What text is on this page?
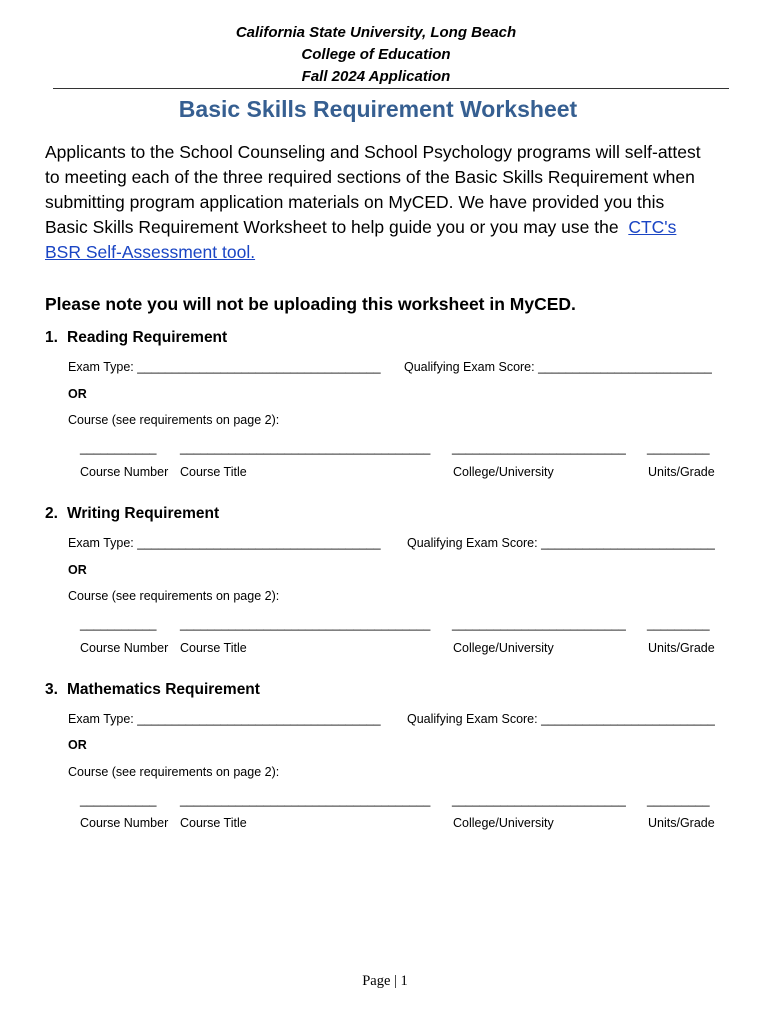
California State University, Long Beach
College of Education
Fall 2024 Application
Basic Skills Requirement Worksheet
Applicants to the School Counseling and School Psychology programs will self-attest to meeting each of the three required sections of the Basic Skills Requirement when submitting program application materials on MyCED. We have provided you this Basic Skills Requirement Worksheet to help guide you or you may use the CTC's BSR Self-Assessment tool.
Please note you will not be uploading this worksheet in MyCED.
1. Reading Requirement
Exam Type: ___________________________________ Qualifying Exam Score: _________________________
OR
Course (see requirements on page 2):
___________ ____________________________________ _________________________ _________
Course Number Course Title	College/University	Units/Grade
2. Writing Requirement
Exam Type: ___________________________________ Qualifying Exam Score: _________________________
OR
Course (see requirements on page 2):
___________ ____________________________________ _________________________ _________
Course Number Course Title	College/University	Units/Grade
3. Mathematics Requirement
Exam Type: ___________________________________ Qualifying Exam Score: _________________________
OR
Course (see requirements on page 2):
___________ ____________________________________ _________________________ _________
Course Number Course Title	College/University	Units/Grade
Page | 1
